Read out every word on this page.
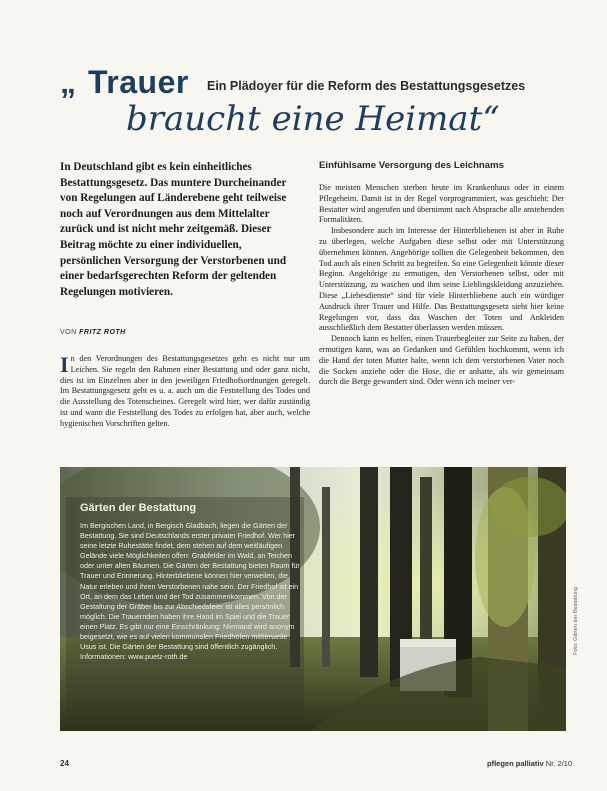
„ Trauer Ein Plädoyer für die Reform des Bestattungsgesetzes
braucht eine Heimat“
In Deutschland gibt es kein einheitliches Bestattungsgesetz. Das muntere Durcheinander von Regelungen auf Länderebene geht teilweise noch auf Verordnungen aus dem Mittelalter zurück und ist nicht mehr zeitgemäß. Dieser Beitrag möchte zu einer individuellen, persönlichen Versorgung der Verstorbenen und einer bedarfsgerechten Reform der geltenden Regelungen motivieren.
VON FRITZ ROTH
I n den Verordnungen des Bestattungsgesetzes geht es nicht nur um Leichen. Sie regeln den Rahmen einer Bestattung und oder ganz nicht, dies ist im Einzelnen aber in den jeweiligen Friedhofsordnungen geregelt. Im Bestattungsgesetz geht es u. a. auch um die Feststellung des Todes und die Ausstellung des Totenscheines. Geregelt wird hier, wer dafür zuständig ist und wann die Feststellung des Todes zu erfolgen hat, aber auch, welche hygienischen Vorschriften gelten.
Einfühlsame Versorgung des Leichnams

Die meisten Menschen sterben heute im Krankenhaus oder in einem Pflegeheim. Damit ist in der Regel vorprogrammiert, was geschieht: Der Bestatter wird angerufen und übernimmt nach Absprache alle anstehenden Formalitäten.

Insbesondere auch im Interesse der Hinterbliebenen ist aber in Ruhe zu überlegen, welche Aufgaben diese selbst oder mit Unterstützung übernehmen können. Angehörige sollten die Gelegenheit bekommen, den Tod auch als einen Schritt zu begreifen. So eine Gelegenheit könnte dieser Beginn. Angehörige zu ermutigen, den Verstorbenen selbst, oder mit Unterstützung, zu waschen und ihm seine Lieblingskleidung anzuziehen. Diese „Liebesdienste“ sind für viele Hinterbliebene auch ein würdiger Ausdruck ihrer Trauer und Hilfe. Das Bestattungsgesetz sieht hier keine Regelungen vor, dass das Waschen der Toten und Ankleiden ausschließlich dem Bestatter überlassen werden müssen.

Dennoch kann es helfen, einen Trauerbegleiter zur Seite zu haben, der ermutigen kann, was an Gedanken und Gefühlen hochkommt, wenn ich die Hand der toten Mutter halte, wenn ich dem verstorbenen Vater noch die Socken anziehe oder die Hose, die er anhatte, als wir gemeinsam durch die Berge gewandert sind. Oder wenn ich meiner ver-

Gärten der Bestattung
Im Bergischen Land, in Bergisch Gladbach, liegen die Gärten der Bestattung. Sie sind Deutschlands erster privater Friedhof. Wer hier seine letzte Ruhestätte findet, dem stehen auf dem weitläufigen Gelände viele Möglichkeiten offen: Grabfelder im Wald, an Teichen oder unter alten Bäumen. Die Gärten der Bestattung bieten Raum für Trauer und Erinnerung. Hinterbliebene können hier verweilen, die Natur erleben und ihren Verstorbenen nahe sein. Der Friedhof ist ein Ort, an dem das Leben und der Tod zusammenkommen. Von der Gestaltung der Gräber bis zur Abschiedsfeier ist alles persönlich möglich. Die Trauernden haben ihre Hand im Spiel und die Trauer einen Platz. Es gibt nur eine Einschränkung: Niemand wird anonym beigesetzt, wie es auf vielen kommunalen Friedhöfen mittlerweile Usus ist. Die Gärten der Bestattung sind öffentlich zugänglich. Informationen: www.puetz-roth.de
Foto: Gärten der Bestattung
24	pflegen palliativ Nr. 2/10
